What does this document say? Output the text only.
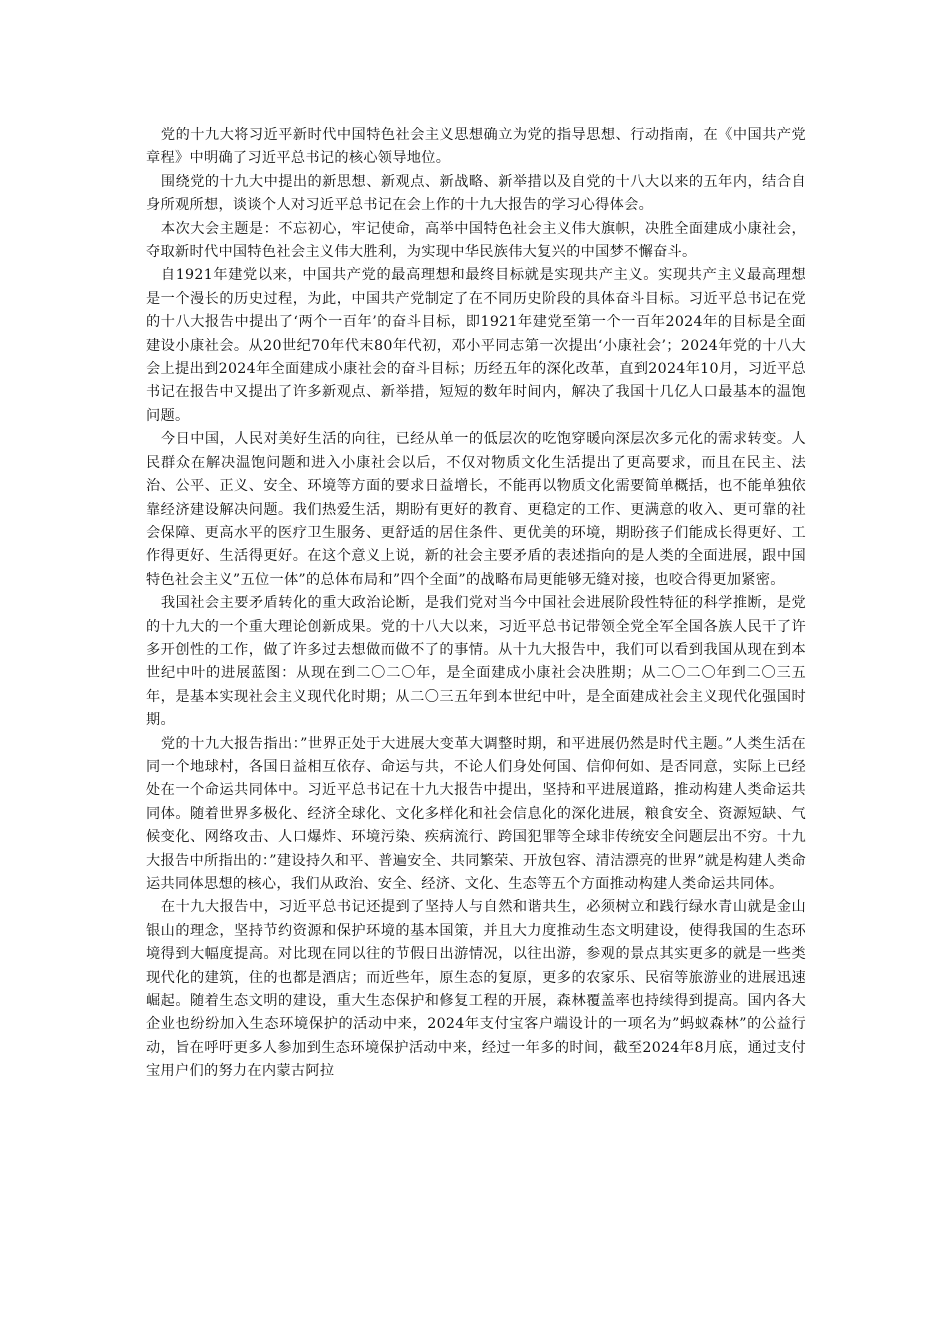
党的十九大将习近平新时代中国特色社会主义思想确立为党的指导思想、行动指南，在《中国共产党章程》中明确了习近平总书记的核心领导地位。

围绕党的十九大中提出的新思想、新观点、新战略、新举措以及自党的十八大以来的五年内，结合自身所观所想，谈谈个人对习近平总书记在会上作的十九大报告的学习心得体会。

本次大会主题是：不忘初心，牢记使命，高举中国特色社会主义伟大旗帜，决胜全面建成小康社会，夺取新时代中国特色社会主义伟大胜利，为实现中华民族伟大复兴的中国梦不懈奋斗。

自1921年建党以来，中国共产党的最高理想和最终目标就是实现共产主义。实现共产主义最高理想是一个漫长的历史过程，为此，中国共产党制定了在不同历史阶段的具体奋斗目标。习近平总书记在党的十八大报告中提出了‘两个一百年’的奋斗目标，即1921年建党至第一个一百年2024年的目标是全面建设小康社会。从20世纪70年代末80年代初，邓小平同志第一次提出‘小康社会’；2024年党的十八大会上提出到2024年全面建成小康社会的奋斗目标；历经五年的深化改革，直到2024年10月，习近平总书记在报告中又提出了许多新观点、新举措，短短的数年时间内，解决了我国十几亿人口最基本的温饱问题。

今日中国，人民对美好生活的向往，已经从单一的低层次的吃饱穿暖向深层次多元化的需求转变。人民群众在解决温饱问题和进入小康社会以后，不仅对物质文化生活提出了更高要求，而且在民主、法治、公平、正义、安全、环境等方面的要求日益增长，不能再以物质文化需要简单概括，也不能单独依靠经济建设解决问题。我们热爱生活，期盼有更好的教育、更稳定的工作、更满意的收入、更可靠的社会保障、更高水平的医疗卫生服务、更舒适的居住条件、更优美的环境，期盼孩子们能成长得更好、工作得更好、生活得更好。在这个意义上说，新的社会主要矛盾的表述指向的是人类的全面进展，跟中国特色社会主义”五位一体”的总体布局和”四个全面”的战略布局更能够无缝对接，也咬合得更加紧密。

我国社会主要矛盾转化的重大政治论断，是我们党对当今中国社会进展阶段性特征的科学推断，是党的十九大的一个重大理论创新成果。党的十八大以来，习近平总书记带领全党全军全国各族人民干了许多开创性的工作，做了许多过去想做而做不了的事情。从十九大报告中，我们可以看到我国从现在到本世纪中叶的进展蓝图：从现在到二〇二〇年，是全面建成小康社会决胜期；从二〇二〇年到二〇三五年，是基本实现社会主义现代化时期；从二〇三五年到本世纪中叶，是全面建成社会主义现代化强国时期。

党的十九大报告指出：”世界正处于大进展大变革大调整时期，和平进展仍然是时代主题。”人类生活在同一个地球村，各国日益相互依存、命运与共，不论人们身处何国、信仰何如、是否同意，实际上已经处在一个命运共同体中。习近平总书记在十九大报告中提出，坚持和平进展道路，推动构建人类命运共同体。随着世界多极化、经济全球化、文化多样化和社会信息化的深化进展，粮食安全、资源短缺、气候变化、网络攻击、人口爆炸、环境污染、疾病流行、跨国犯罪等全球非传统安全问题层出不穷。十九大报告中所指出的：”建设持久和平、普遍安全、共同繁荣、开放包容、清洁漂亮的世界”就是构建人类命运共同体思想的核心，我们从政治、安全、经济、文化、生态等五个方面推动构建人类命运共同体。

在十九大报告中，习近平总书记还提到了坚持人与自然和谐共生，必须树立和践行绿水青山就是金山银山的理念，坚持节约资源和保护环境的基本国策，并且大力度推动生态文明建设，使得我国的生态环境得到大幅度提高。对比现在同以往的节假日出游情况，以往出游，参观的景点其实更多的就是一些类现代化的建筑，住的也都是酒店；而近些年，原生态的复原，更多的农家乐、民宿等旅游业的进展迅速崛起。随着生态文明的建设，重大生态保护和修复工程的开展，森林覆盖率也持续得到提高。国内各大企业也纷纷加入生态环境保护的活动中来，2024年支付宝客户端设计的一项名为”蚂蚁森林”的公益行动，旨在呼吁更多人参加到生态环境保护活动中来，经过一年多的时间，截至2024年8月底，通过支付宝用户们的努力在内蒙古阿拉
